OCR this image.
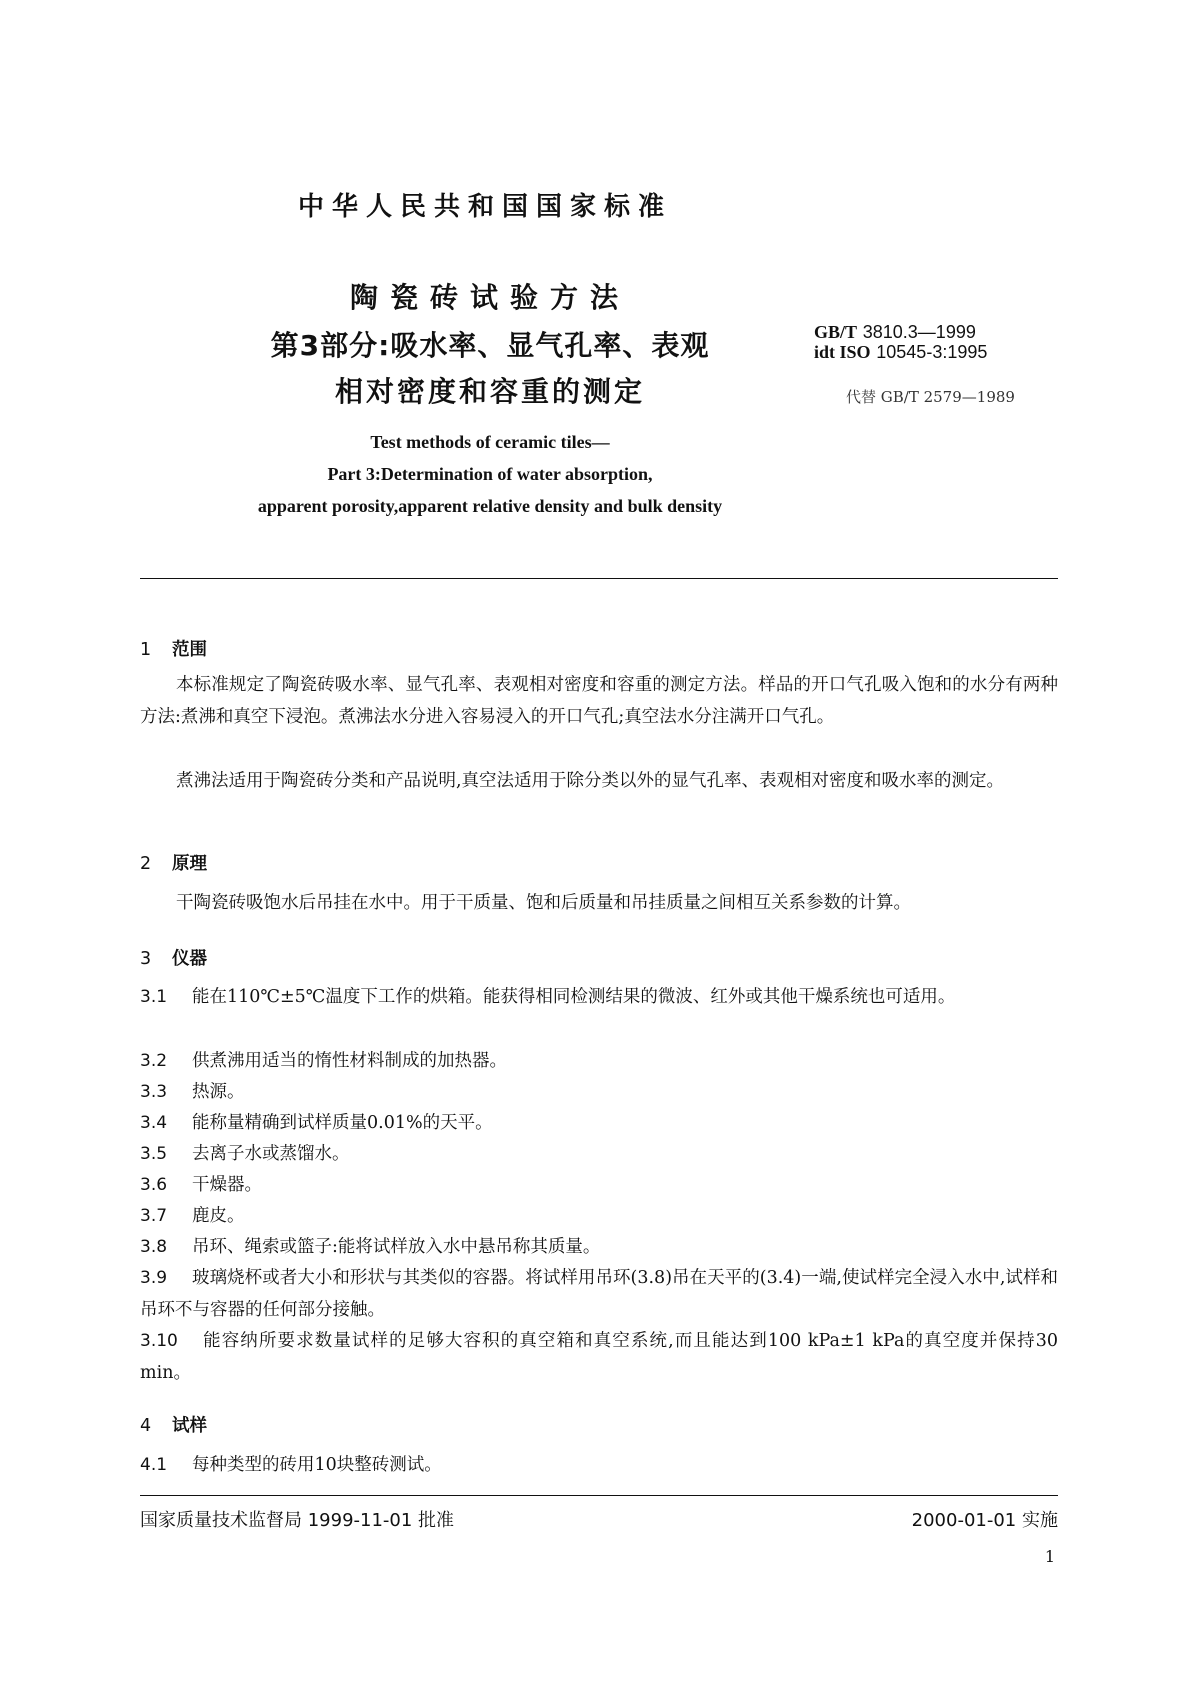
中华人民共和国国家标准
陶瓷砖试验方法
第3部分:吸水率、显气孔率、表观
相对密度和容重的测定
GB/T 3810.3—1999
idt ISO 10545-3:1995
代替 GB/T 2579—1989
Test methods of ceramic tiles—
Part 3:Determination of water absorption,
apparent porosity,apparent relative density and bulk density
1 范围
本标准规定了陶瓷砖吸水率、显气孔率、表观相对密度和容重的测定方法。样品的开口气孔吸入饱和的水分有两种方法:煮沸和真空下浸泡。煮沸法水分进入容易浸入的开口气孔;真空法水分注满开口气孔。
煮沸法适用于陶瓷砖分类和产品说明,真空法适用于除分类以外的显气孔率、表观相对密度和吸水率的测定。
2 原理
干陶瓷砖吸饱水后吊挂在水中。用于干质量、饱和后质量和吊挂质量之间相互关系参数的计算。
3 仪器
3.1 能在110℃±5℃温度下工作的烘箱。能获得相同检测结果的微波、红外或其他干燥系统也可适用。
3.2 供煮沸用适当的惰性材料制成的加热器。
3.3 热源。
3.4 能称量精确到试样质量0.01%的天平。
3.5 去离子水或蒸馏水。
3.6 干燥器。
3.7 鹿皮。
3.8 吊环、绳索或篮子:能将试样放入水中悬吊称其质量。
3.9 玻璃烧杯或者大小和形状与其类似的容器。将试样用吊环(3.8)吊在天平的(3.4)一端,使试样完全浸入水中,试样和吊环不与容器的任何部分接触。
3.10 能容纳所要求数量试样的足够大容积的真空箱和真空系统,而且能达到100 kPa±1 kPa的真空度并保持30 min。
4 试样
4.1 每种类型的砖用10块整砖测试。
国家质量技术监督局 1999-11-01 批准	2000-01-01 实施
1
